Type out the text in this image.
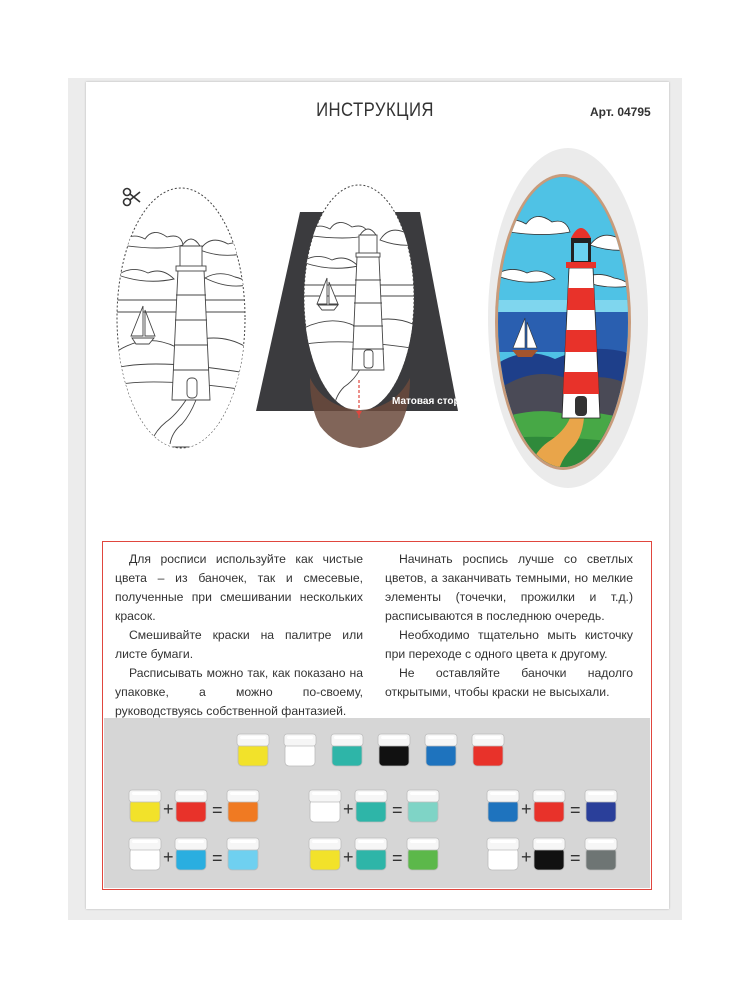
ИНСТРУКЦИЯ	Арт. 04795
Матовая сторона

Для росписи используйте как чистые цвета – из баночек, так и смесевые, полученные при смешивании нескольких красок.

Смешивайте краски на палитре или листе бумаги.

Расписывать можно так, как показано на упаковке, а можно по-своему, руководствуясь собственной фантазией.

Начинать роспись лучше со светлых цветов, а заканчивать темными, но мелкие элементы (точечки, прожилки и т.д.) расписываются в последнюю очередь.

Необходимо тщательно мыть кисточку при переходе с одного цвета к другому.

Не оставляйте баночки надолго открытыми, чтобы краски не высыхали.

+ =	+ =	+ =
+ =	+ =	+ =
